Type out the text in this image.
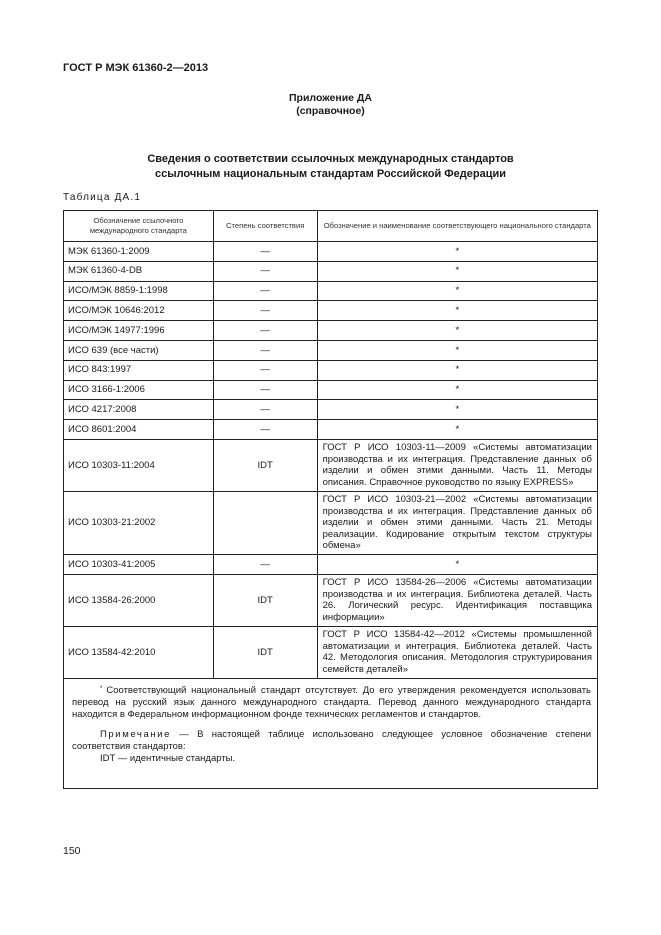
ГОСТ Р МЭК 61360-2—2013
Приложение ДА
(справочное)
Сведения о соответствии ссылочных международных стандартов
ссылочным национальным стандартам Российской Федерации
Таблица ДА.1
Обозначение ссылочного международного стандарта	Степень соответствия	Обозначение и наименование соответствующего национального стандарта
МЭК 61360-1:2009	—	*
МЭК 61360-4-DB	—	*
ИСО/МЭК 8859-1:1998	—	*
ИСО/МЭК 10646:2012	—	*
ИСО/МЭК 14977:1996	—	*
ИСО 639 (все части)	—	*
ИСО 843:1997	—	*
ИСО 3166-1:2006	—	*
ИСО 4217:2008	—	*
ИСО 8601:2004	—	*
ИСО 10303-11:2004	IDT	ГОСТ Р ИСО 10303-11—2009 «Системы автоматизации производства и их интеграция. Представление данных об изделии и обмен этими данными. Часть 11. Методы описания. Справочное руководство по языку EXPRESS»
ИСО 10303-21:2002		ГОСТ Р ИСО 10303-21—2002 «Системы автоматизации производства и их интеграция. Представление данных об изделии и обмен этими данными. Часть 21. Методы реализации. Кодирование открытым текстом структуры обмена»
ИСО 10303-41:2005	—	*
ИСО 13584-26:2000	IDT	ГОСТ Р ИСО 13584-26—2006 «Системы автоматизации производства и их интеграция. Библиотека деталей. Часть 26. Логический ресурс. Идентификация поставщика информации»
ИСО 13584-42:2010	IDT	ГОСТ Р ИСО 13584-42—2012 «Системы промышленной автоматизации и интеграция. Библиотека деталей. Часть 42. Методология описания. Методология структурирования семейств деталей»

* Соответствующий национальный стандарт отсутствует. До его утверждения рекомендуется использовать перевод на русский язык данного международного стандарта. Перевод данного международного стандарта находится в Федеральном информационном фонде технических регламентов и стандартов.

Примечание — В настоящей таблице использовано следующее условное обозначение степени соответствия стандартов:

IDT — идентичные стандарты.		

150
